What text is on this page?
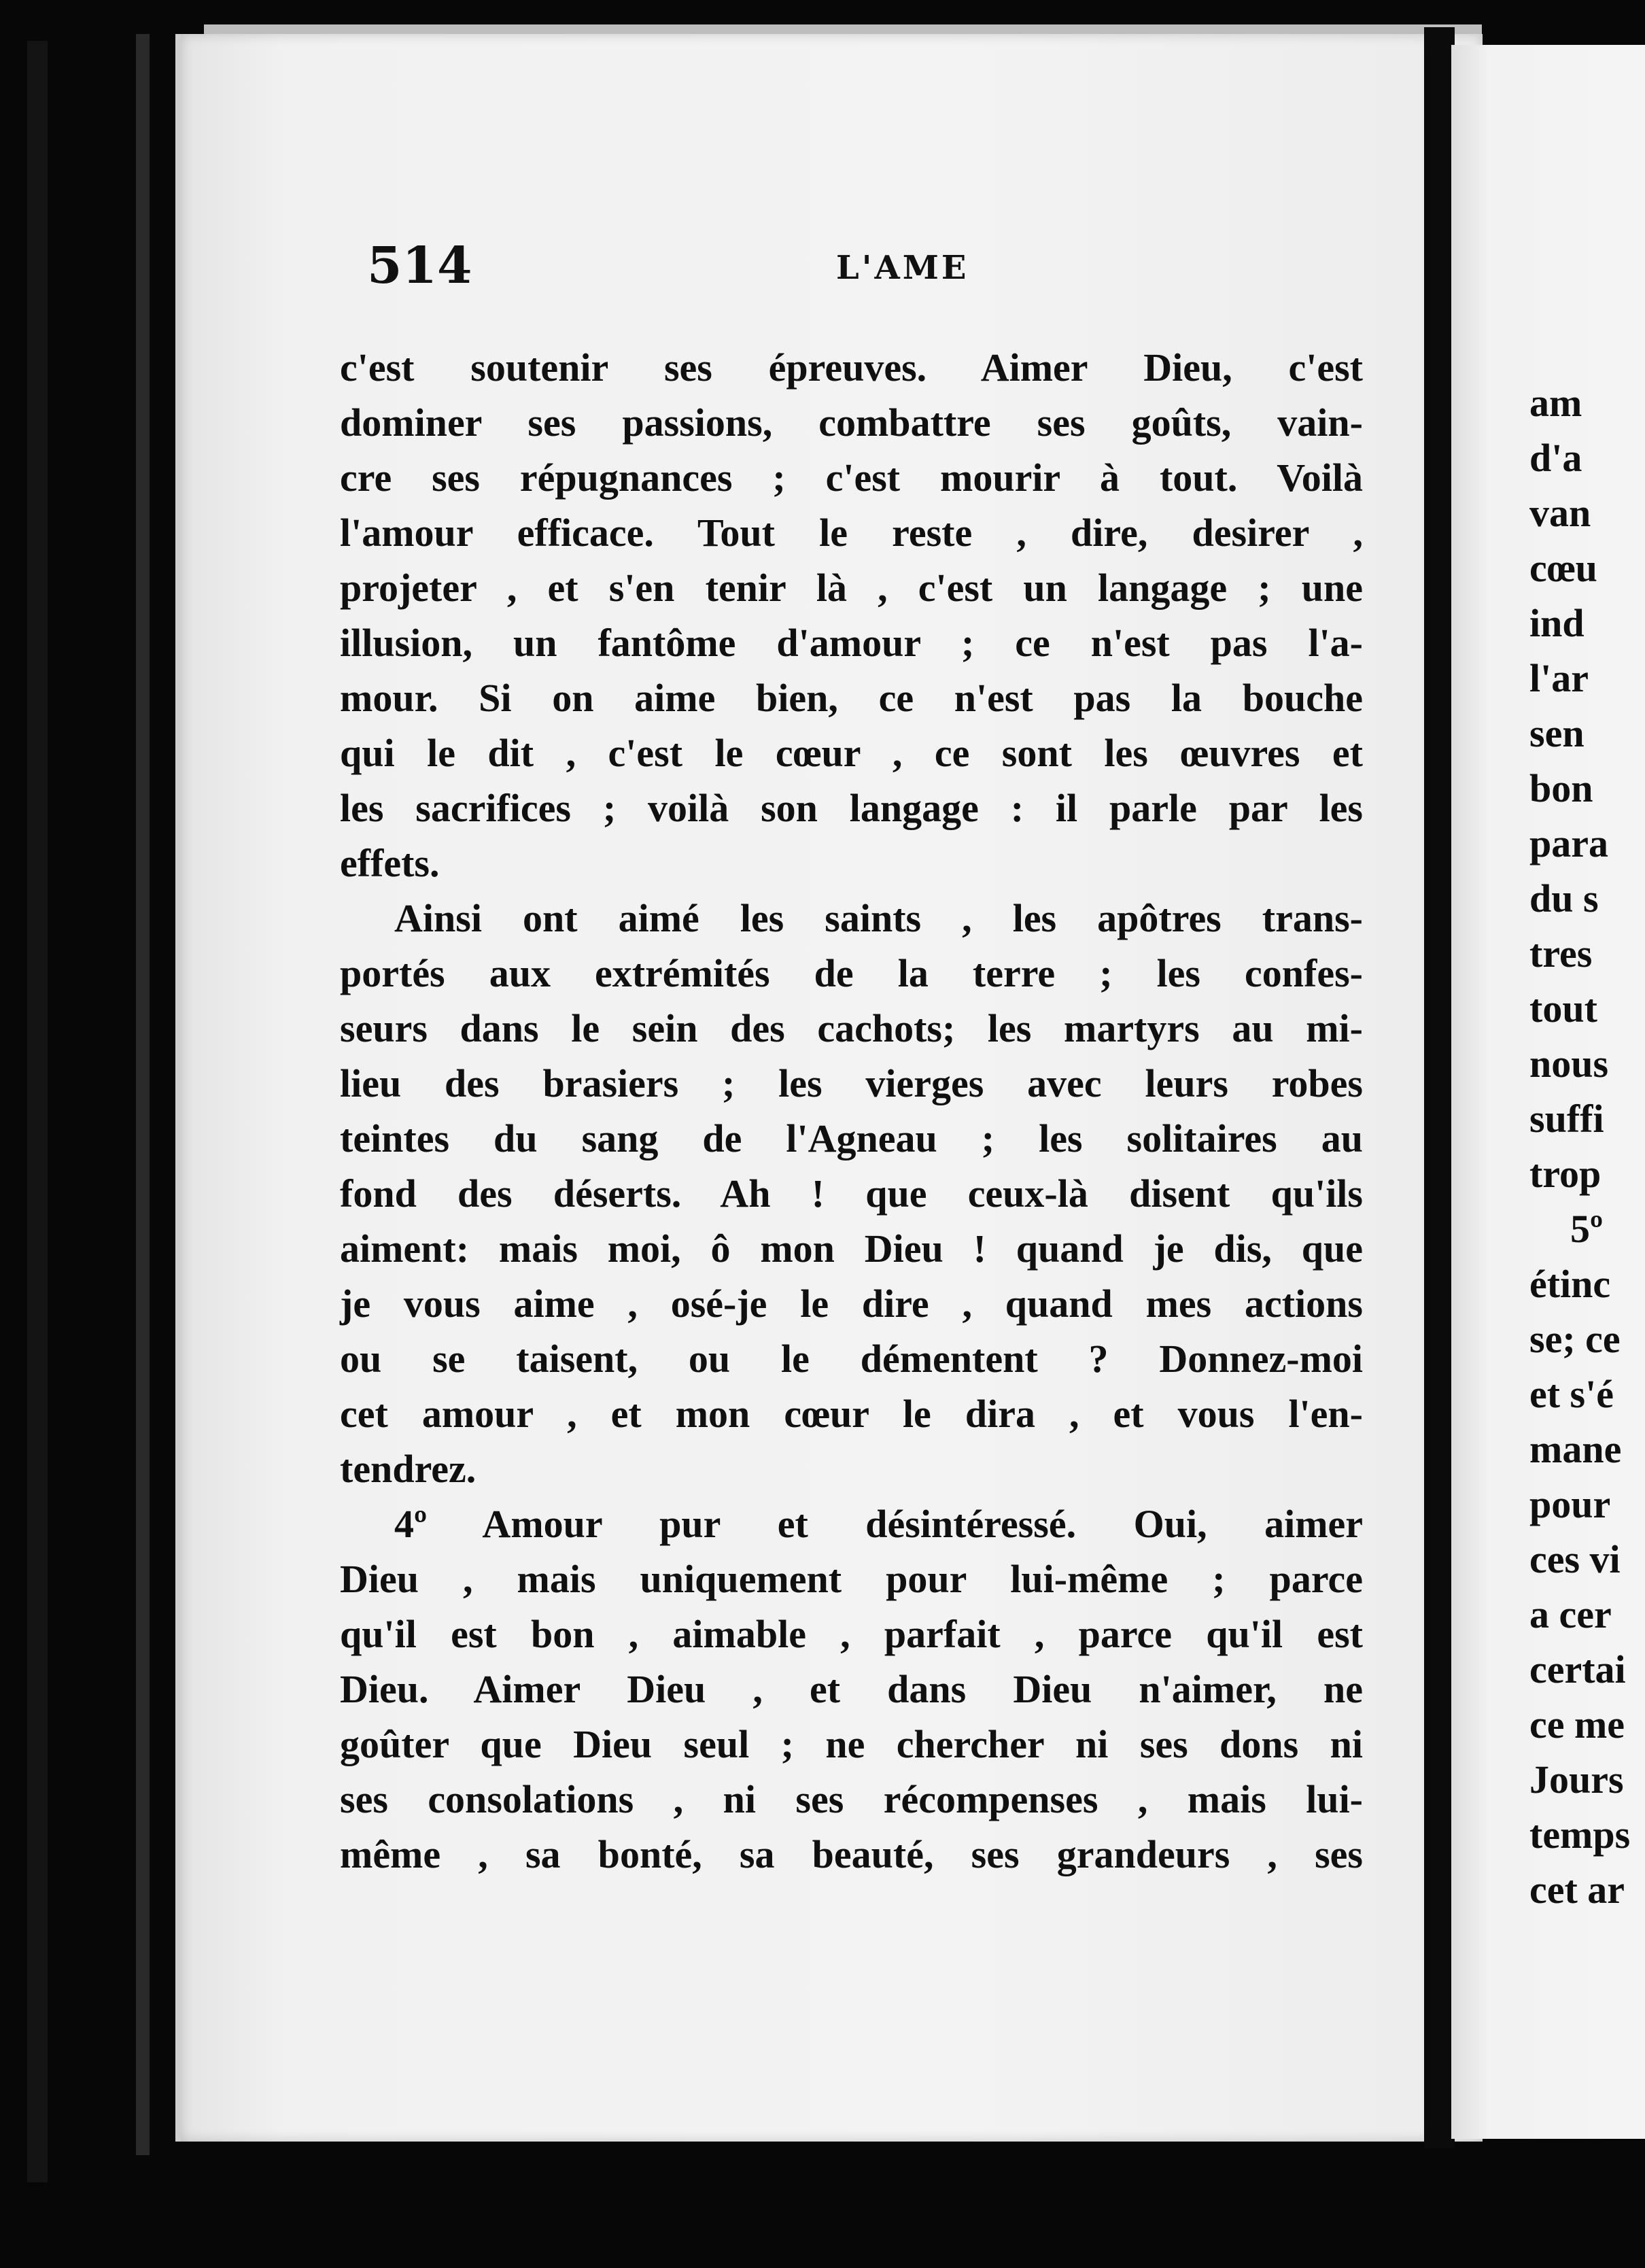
514	L'AME
c'est soutenir ses épreuves. Aimer Dieu, c'est
dominer ses passions, combattre ses goûts, vain-
cre ses répugnances ; c'est mourir à tout. Voilà
l'amour efficace. Tout le reste , dire, desirer ,
projeter , et s'en tenir là , c'est un langage ; une
illusion, un fantôme d'amour ; ce n'est pas l'a-
mour. Si on aime bien, ce n'est pas la bouche
qui le dit , c'est le cœur , ce sont les œuvres et
les sacrifices ; voilà son langage : il parle par les
effets.
Ainsi ont aimé les saints , les apôtres trans-
portés aux extrémités de la terre ; les confes-
seurs dans le sein des cachots; les martyrs au mi-
lieu des brasiers ; les vierges avec leurs robes
teintes du sang de l'Agneau ; les solitaires au
fond des déserts. Ah ! que ceux-là disent qu'ils
aiment: mais moi, ô mon Dieu ! quand je dis, que
je vous aime , osé-je le dire , quand mes actions
ou se taisent, ou le démentent ? Donnez-moi
cet amour , et mon cœur le dira , et vous l'en-
tendrez.
4º Amour pur et désintéressé. Oui, aimer
Dieu , mais uniquement pour lui-même ; parce
qu'il est bon , aimable , parfait , parce qu'il est
Dieu. Aimer Dieu , et dans Dieu n'aimer, ne
goûter que Dieu seul ; ne chercher ni ses dons ni
ses consolations , ni ses récompenses , mais lui-
même , sa bonté, sa beauté, ses grandeurs , ses
am
d'a
van
cœu
ind
l'ar
sen
bon
para
du s
tres
tout
nous
suffi
trop
5º
étinc
se; ce
et s'é
mane
pour
ces vi
a cer
certai
ce me
Jours
temps
cet ar
